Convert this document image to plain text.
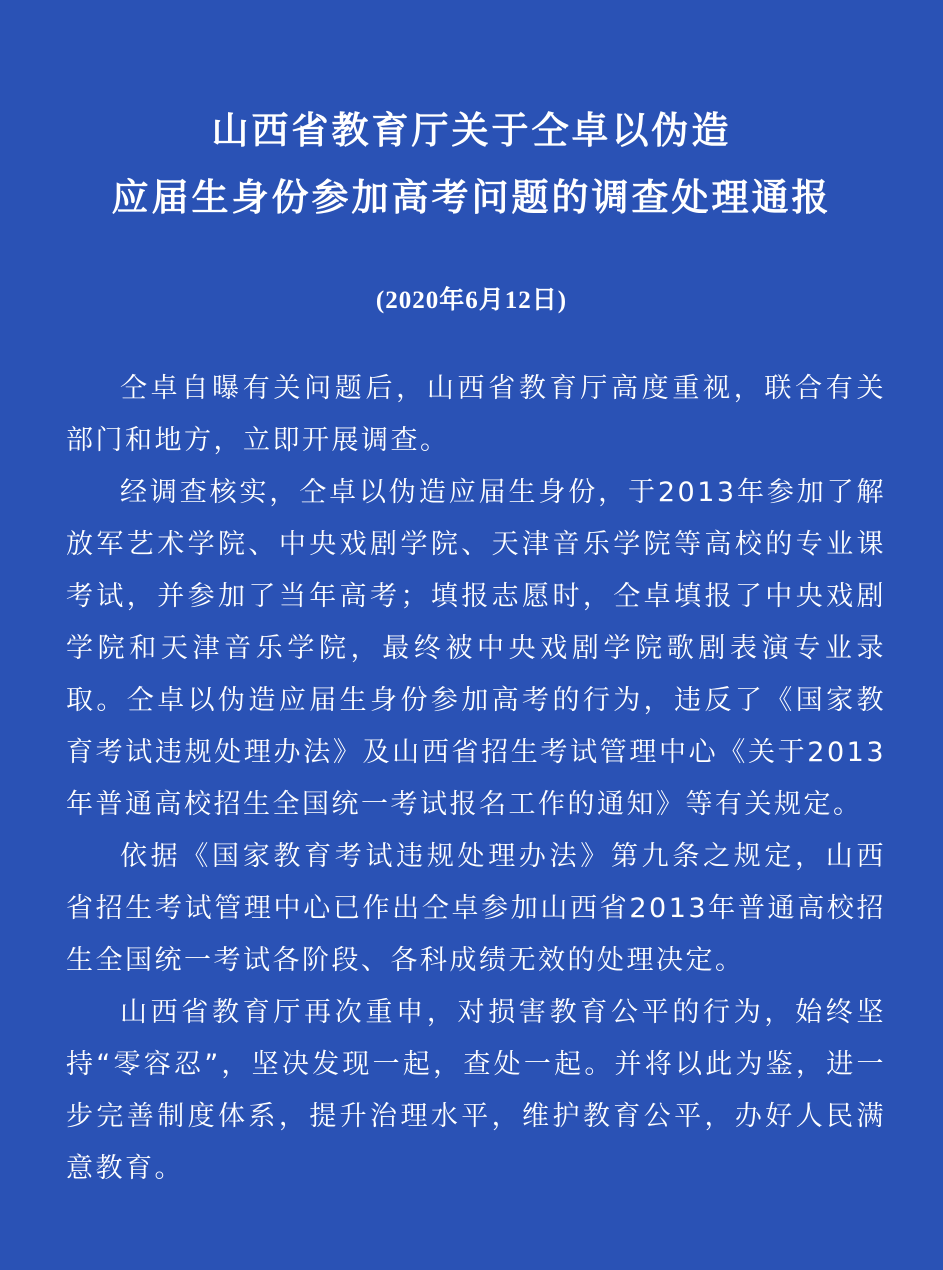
山西省教育厅关于仝卓以伪造
应届生身份参加高考问题的调查处理通报
(2020年6月12日)

仝卓自曝有关问题后，山西省教育厅高度重视，联合有关部门和地方，立即开展调查。

经调查核实，仝卓以伪造应届生身份，于2013年参加了解放军艺术学院、中央戏剧学院、天津音乐学院等高校的专业课考试，并参加了当年高考；填报志愿时，仝卓填报了中央戏剧学院和天津音乐学院，最终被中央戏剧学院歌剧表演专业录取。仝卓以伪造应届生身份参加高考的行为，违反了《国家教育考试违规处理办法》及山西省招生考试管理中心《关于2013年普通高校招生全国统一考试报名工作的通知》等有关规定。

依据《国家教育考试违规处理办法》第九条之规定，山西省招生考试管理中心已作出仝卓参加山西省2013年普通高校招生全国统一考试各阶段、各科成绩无效的处理决定。

山西省教育厅再次重申，对损害教育公平的行为，始终坚持“零容忍”，坚决发现一起，查处一起。并将以此为鉴，进一步完善制度体系，提升治理水平，维护教育公平，办好人民满意教育。
